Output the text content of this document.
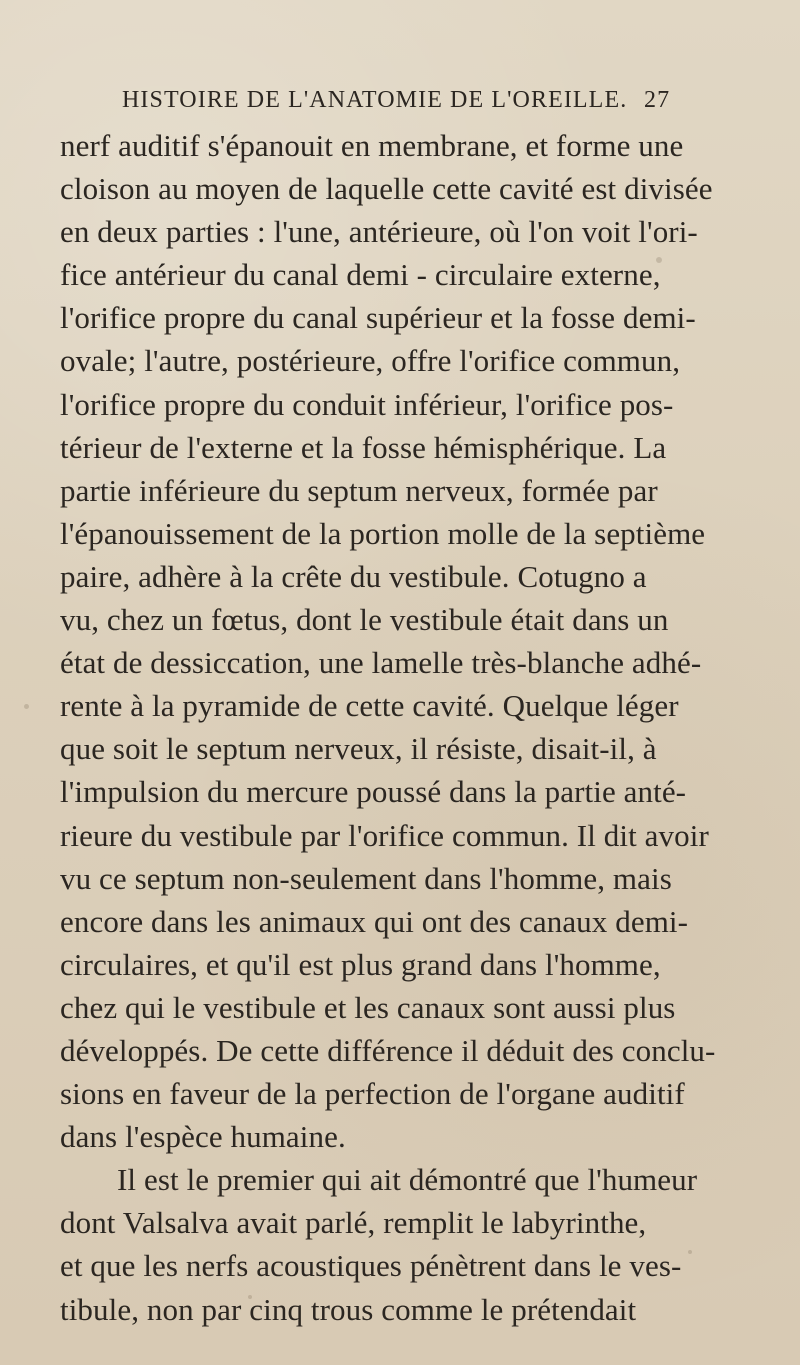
HISTOIRE DE L'ANATOMIE DE L'OREILLE. 27
nerf auditif s'épanouit en membrane, et forme une
cloison au moyen de laquelle cette cavité est divisée
en deux parties : l'une, antérieure, où l'on voit l'ori-
fice antérieur du canal demi - circulaire externe,
l'orifice propre du canal supérieur et la fosse demi-
ovale; l'autre, postérieure, offre l'orifice commun,
l'orifice propre du conduit inférieur, l'orifice pos-
térieur de l'externe et la fosse hémisphérique. La
partie inférieure du septum nerveux, formée par
l'épanouissement de la portion molle de la septième
paire, adhère à la crête du vestibule. Cotugno a
vu, chez un fœtus, dont le vestibule était dans un
état de dessiccation, une lamelle très-blanche adhé-
rente à la pyramide de cette cavité. Quelque léger
que soit le septum nerveux, il résiste, disait-il, à
l'impulsion du mercure poussé dans la partie anté-
rieure du vestibule par l'orifice commun. Il dit avoir
vu ce septum non-seulement dans l'homme, mais
encore dans les animaux qui ont des canaux demi-
circulaires, et qu'il est plus grand dans l'homme,
chez qui le vestibule et les canaux sont aussi plus
développés. De cette différence il déduit des conclu-
sions en faveur de la perfection de l'organe auditif
dans l'espèce humaine.
Il est le premier qui ait démontré que l'humeur
dont Valsalva avait parlé, remplit le labyrinthe,
et que les nerfs acoustiques pénètrent dans le ves-
tibule, non par cinq trous comme le prétendait
